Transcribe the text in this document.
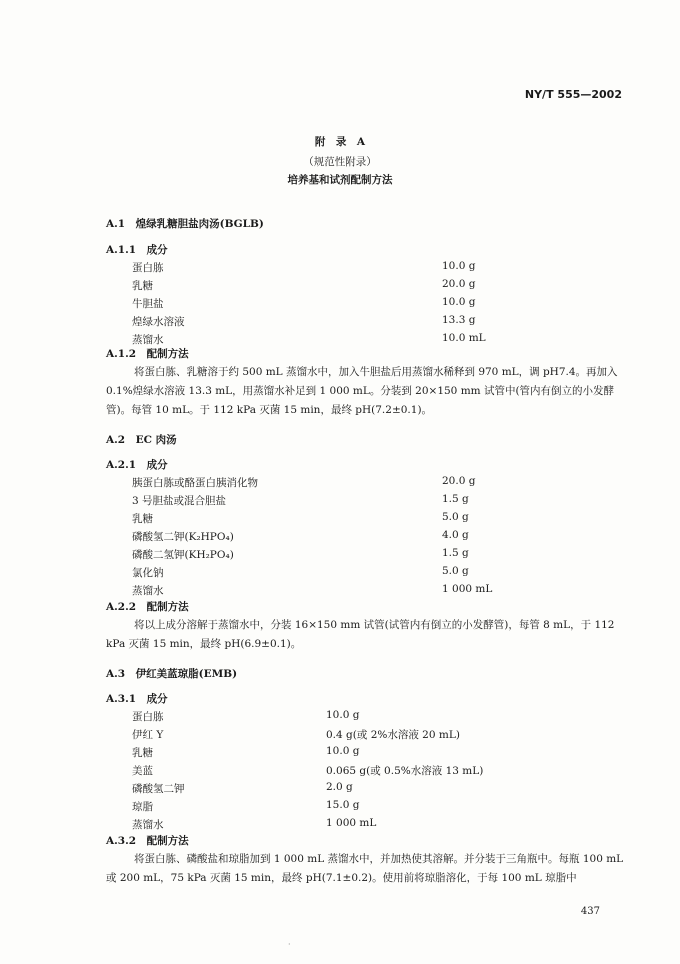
NY/T 555—2002
附　录　A
（规范性附录）
培养基和试剂配制方法
A.1　煌绿乳糖胆盐肉汤(BGLB)
A.1.1　成分
蛋白胨	10.0 g
乳糖	20.0 g
牛胆盐	10.0 g
煌绿水溶液	13.3 g
蒸馏水	10.0 mL
A.1.2　配制方法
将蛋白胨、乳糖溶于约 500 mL 蒸馏水中，加入牛胆盐后用蒸馏水稀释到 970 mL，调 pH7.4。再加入 0.1%煌绿水溶液 13.3 mL，用蒸馏水补足到 1 000 mL。分装到 20×150 mm 试管中(管内有倒立的小发酵管)。每管 10 mL。于 112 kPa 灭菌 15 min，最终 pH(7.2±0.1)。
A.2　EC 肉汤
A.2.1　成分
胰蛋白胨或酪蛋白胰消化物	20.0 g
3 号胆盐或混合胆盐	1.5 g
乳糖	5.0 g
磷酸氢二钾(K₂HPO₄)	4.0 g
磷酸二氢钾(KH₂PO₄)	1.5 g
氯化钠	5.0 g
蒸馏水	1 000 mL
A.2.2　配制方法
将以上成分溶解于蒸馏水中，分装 16×150 mm 试管(试管内有倒立的小发酵管)，每管 8 mL，于 112 kPa 灭菌 15 min，最终 pH(6.9±0.1)。
A.3　伊红美蓝琼脂(EMB)
A.3.1　成分
蛋白胨	10.0 g
伊红 Y	0.4 g(或 2%水溶液 20 mL)
乳糖	10.0 g
美蓝	0.065 g(或 0.5%水溶液 13 mL)
磷酸氢二钾	2.0 g
琼脂	15.0 g
蒸馏水	1 000 mL
A.3.2　配制方法
将蛋白胨、磷酸盐和琼脂加到 1 000 mL 蒸馏水中，并加热使其溶解。并分装于三角瓶中。每瓶 100 mL 或 200 mL，75 kPa 灭菌 15 min，最终 pH(7.1±0.2)。使用前将琼脂溶化，于每 100 mL 琼脂中
437
·
